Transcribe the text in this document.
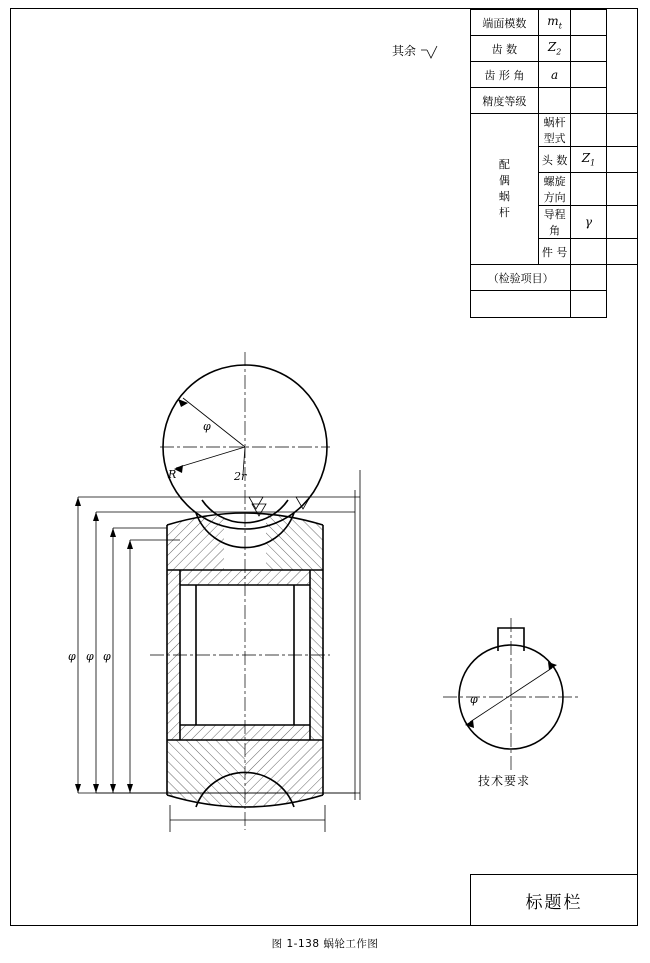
端面模数	$m_t$	
齿 数	$Z_2$	
齿 形 角	a		
精度等级			
配
偶
蜗
杆	蜗杆型式		
	头 数	$Z_1$	
	螺旋方向		
	导程角	γ	
	件 号		
（检验项目）			

其余
技术要求
标题栏
φ φ φ
φ
R	2r
φ
图 1-138 蜗轮工作图
